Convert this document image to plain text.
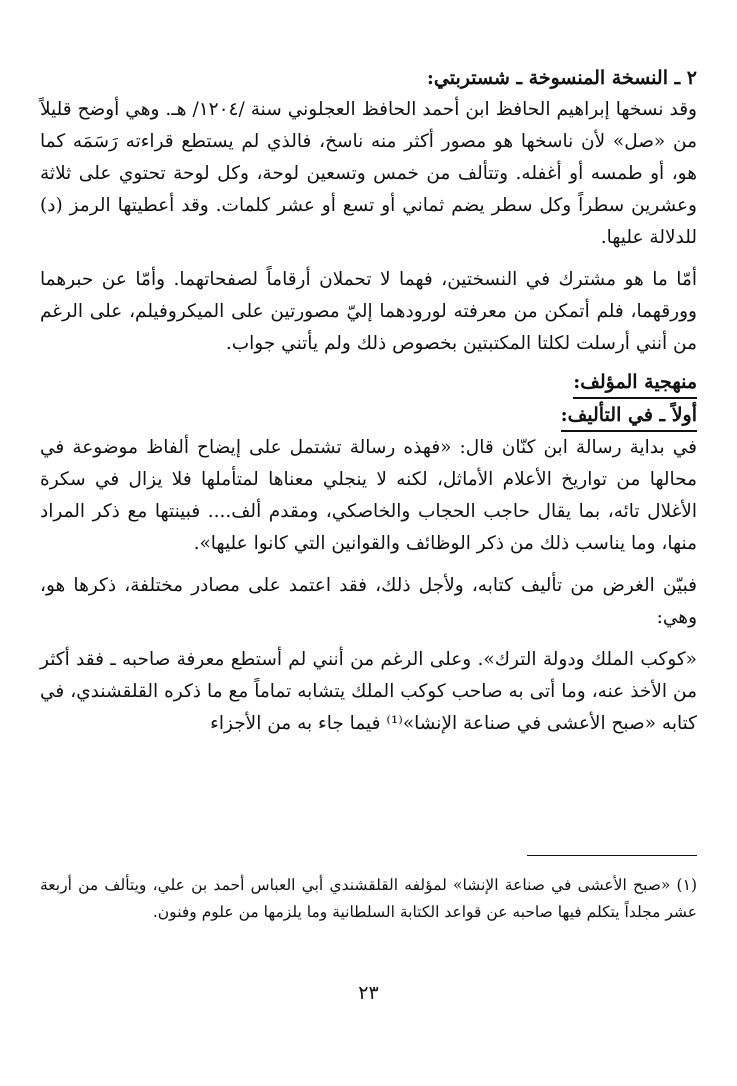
٢ ـ النسخة المنسوخة ـ شستربتي:

وقد نسخها إبراهيم الحافظ ابن أحمد الحافظ العجلوني سنة /١٢٠٤/ هـ. وهي أوضح قليلاً من «صل» لأن ناسخها هو مصور أكثر منه ناسخ، فالذي لم يستطع قراءته رَسَمَه كما هو، أو طمسه أو أغفله. وتتألف من خمس وتسعين لوحة، وكل لوحة تحتوي على ثلاثة وعشرين سطراً وكل سطر يضم ثماني أو تسع أو عشر كلمات. وقد أعطيتها الرمز (د) للدلالة عليها.

أمّا ما هو مشترك في النسختين، فهما لا تحملان أرقاماً لصفحاتهما. وأمّا عن حبرهما وورقهما، فلم أتمكن من معرفته لورودهما إليّ مصورتين على الميكروفيلم، على الرغم من أنني أرسلت لكلتا المكتبتين بخصوص ذلك ولم يأتني جواب.

منهجية المؤلف:

أولاً ـ في التأليف:

في بداية رسالة ابن كنّان قال: «فهذه رسالة تشتمل على إيضاح ألفاظ موضوعة في محالها من تواريخ الأعلام الأماثل، لكنه لا ينجلي معناها لمتأملها فلا يزال في سكرة الأغلال تائه، بما يقال حاجب الحجاب والخاصكي، ومقدم ألف.... فبينتها مع ذكر المراد منها، وما يناسب ذلك من ذكر الوظائف والقوانين التي كانوا عليها».

فبيّن الغرض من تأليف كتابه، ولأجل ذلك، فقد اعتمد على مصادر مختلفة، ذكرها هو، وهي:

«كوكب الملك ودولة الترك». وعلى الرغم من أنني لم أستطع معرفة صاحبه ـ فقد أكثر من الأخذ عنه، وما أتى به صاحب كوكب الملك يتشابه تماماً مع ما ذكره القلقشندي، في كتابه «صبح الأعشى في صناعة الإنشا»⁽¹⁾ فيما جاء به من الأجزاء

(١) «صبح الأعشى في صناعة الإنشا» لمؤلفه القلقشندي أبي العباس أحمد بن علي، ويتألف من أربعة عشر مجلداً يتكلم فيها صاحبه عن قواعد الكتابة السلطانية وما يلزمها من علوم وفنون.

٢٣
